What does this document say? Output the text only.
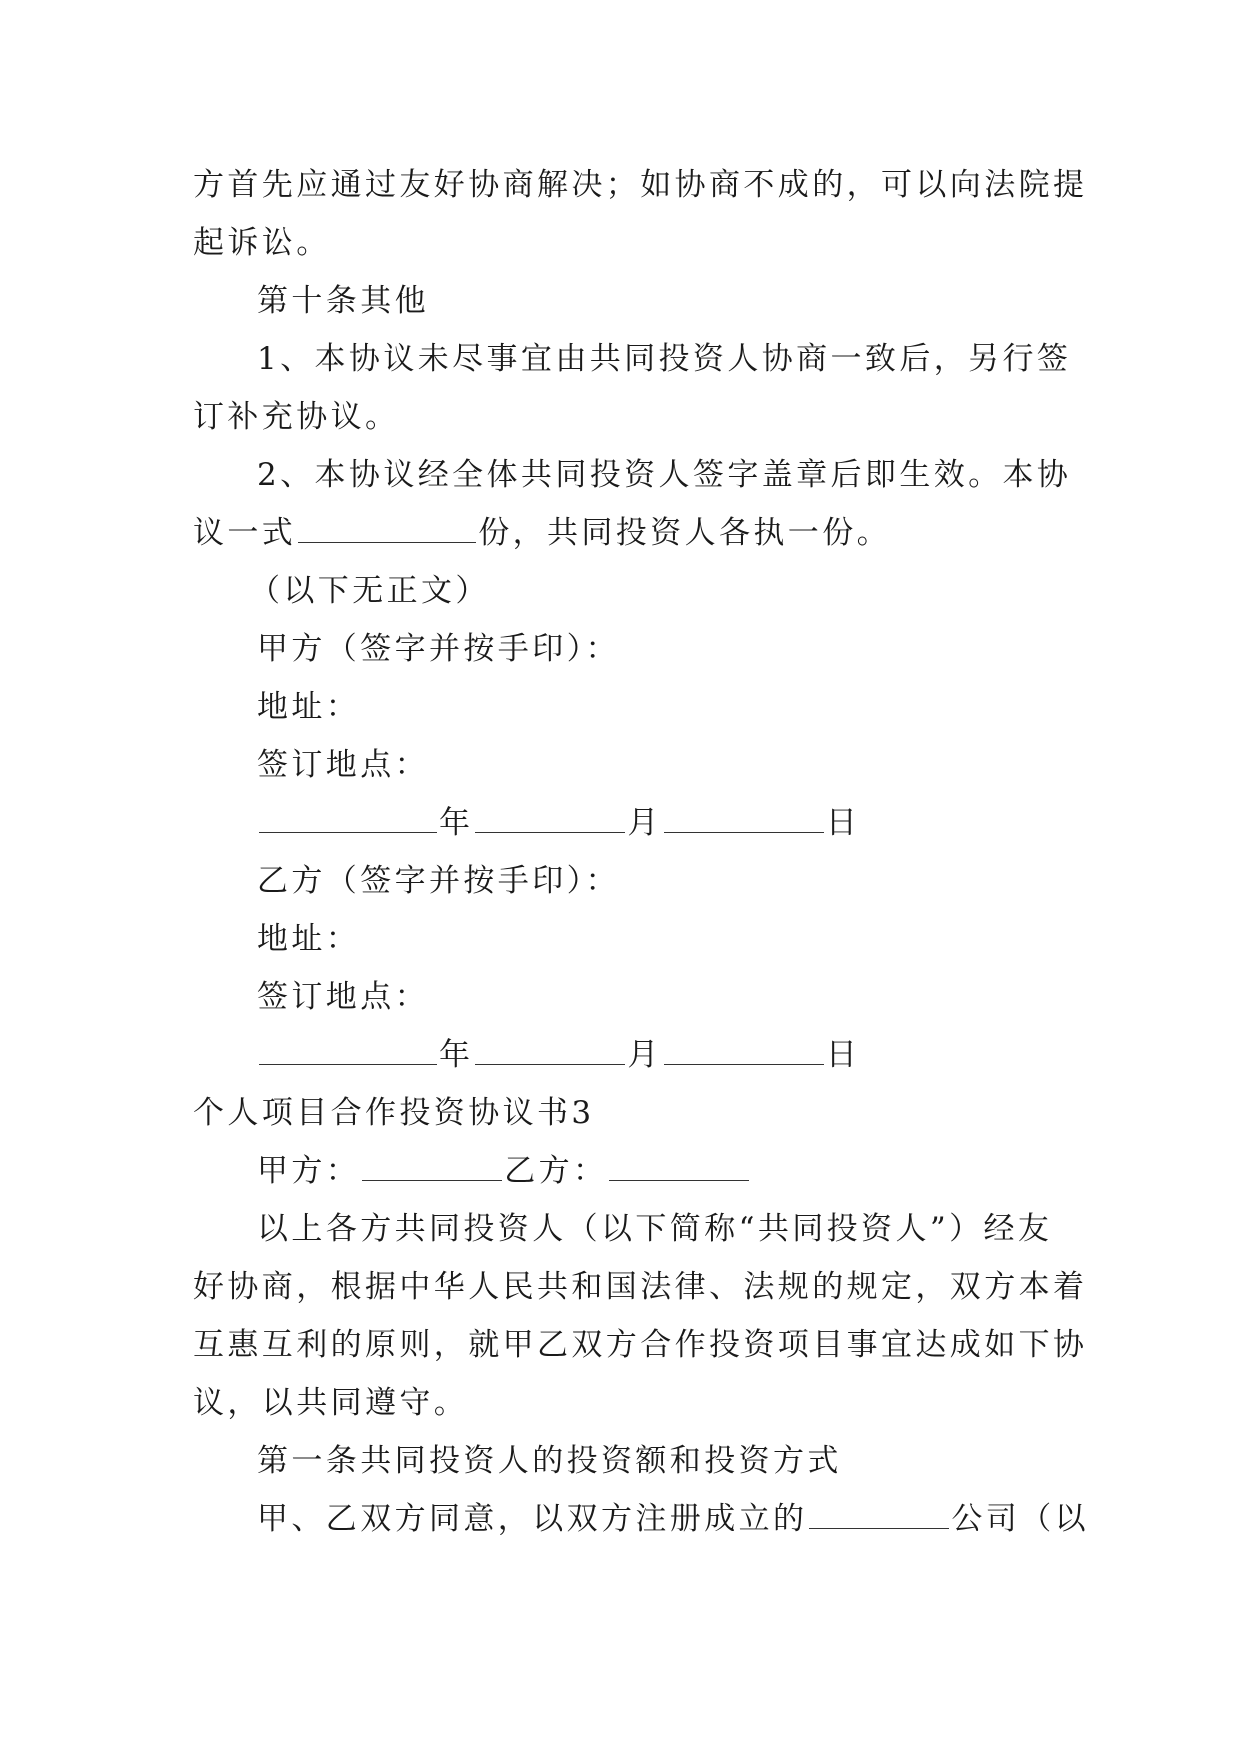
方首先应通过友好协商解决；如协商不成的，可以向法院提
起诉讼。
第十条其他
1、本协议未尽事宜由共同投资人协商一致后，另行签
订补充协议。
2、本协议经全体共同投资人签字盖章后即生效。本协
议一式	份，共同投资人各执一份。
（以下无正文）
甲方（签字并按手印）：
地址：
签订地点：
年	月	日
乙方（签字并按手印）：
地址：
签订地点：
年	月	日
个人项目合作投资协议书3
甲方：	乙方：
以上各方共同投资人（以下简称“共同投资人”）经友
好协商，根据中华人民共和国法律、法规的规定，双方本着
互惠互利的原则，就甲乙双方合作投资项目事宜达成如下协
议，以共同遵守。
第一条共同投资人的投资额和投资方式
甲、乙双方同意，以双方注册成立的	公司（以
